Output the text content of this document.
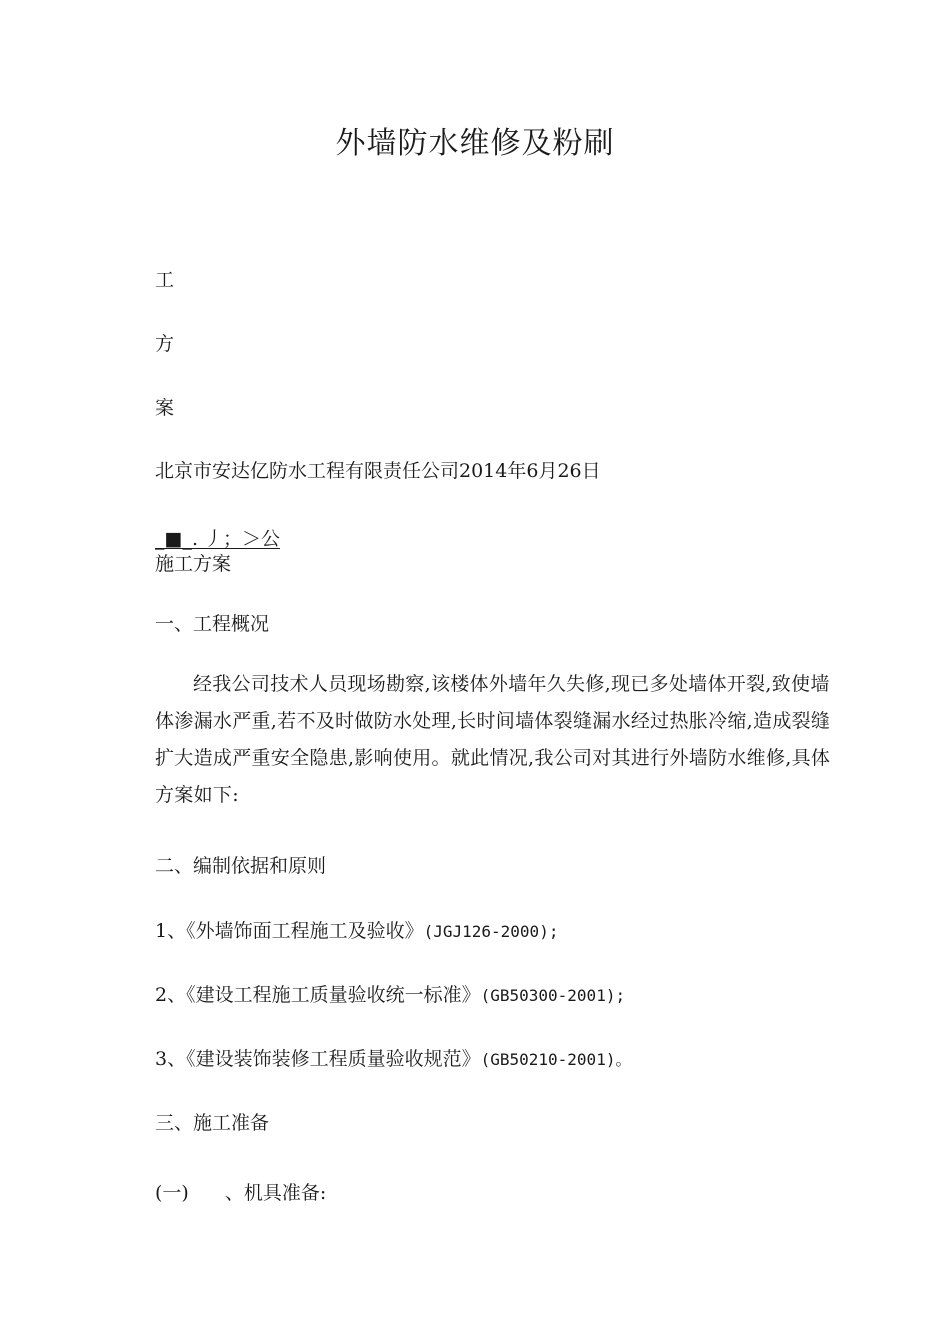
外墙防水维修及粉刷
工
方
案
北京市安达亿防水工程有限责任公司2014年6月26日
_■_. 丿；＞公
施工方案
一、工程概况
经我公司技术人员现场勘察,该楼体外墙年久失修,现已多处墙体开裂,致使墙体渗漏水严重,若不及时做防水处理,长时间墙体裂缝漏水经过热胀冷缩,造成裂缝扩大造成严重安全隐患,影响使用。就此情况,我公司对其进行外墙防水维修,具体方案如下:
二、编制依据和原则
1、《外墙饰面工程施工及验收》(JGJ126-2000);
2、《建设工程施工质量验收统一标准》(GB50300-2001);
3、《建设装饰装修工程质量验收规范》(GB50210-2001)。
三、施工准备
(一) 、机具准备:
